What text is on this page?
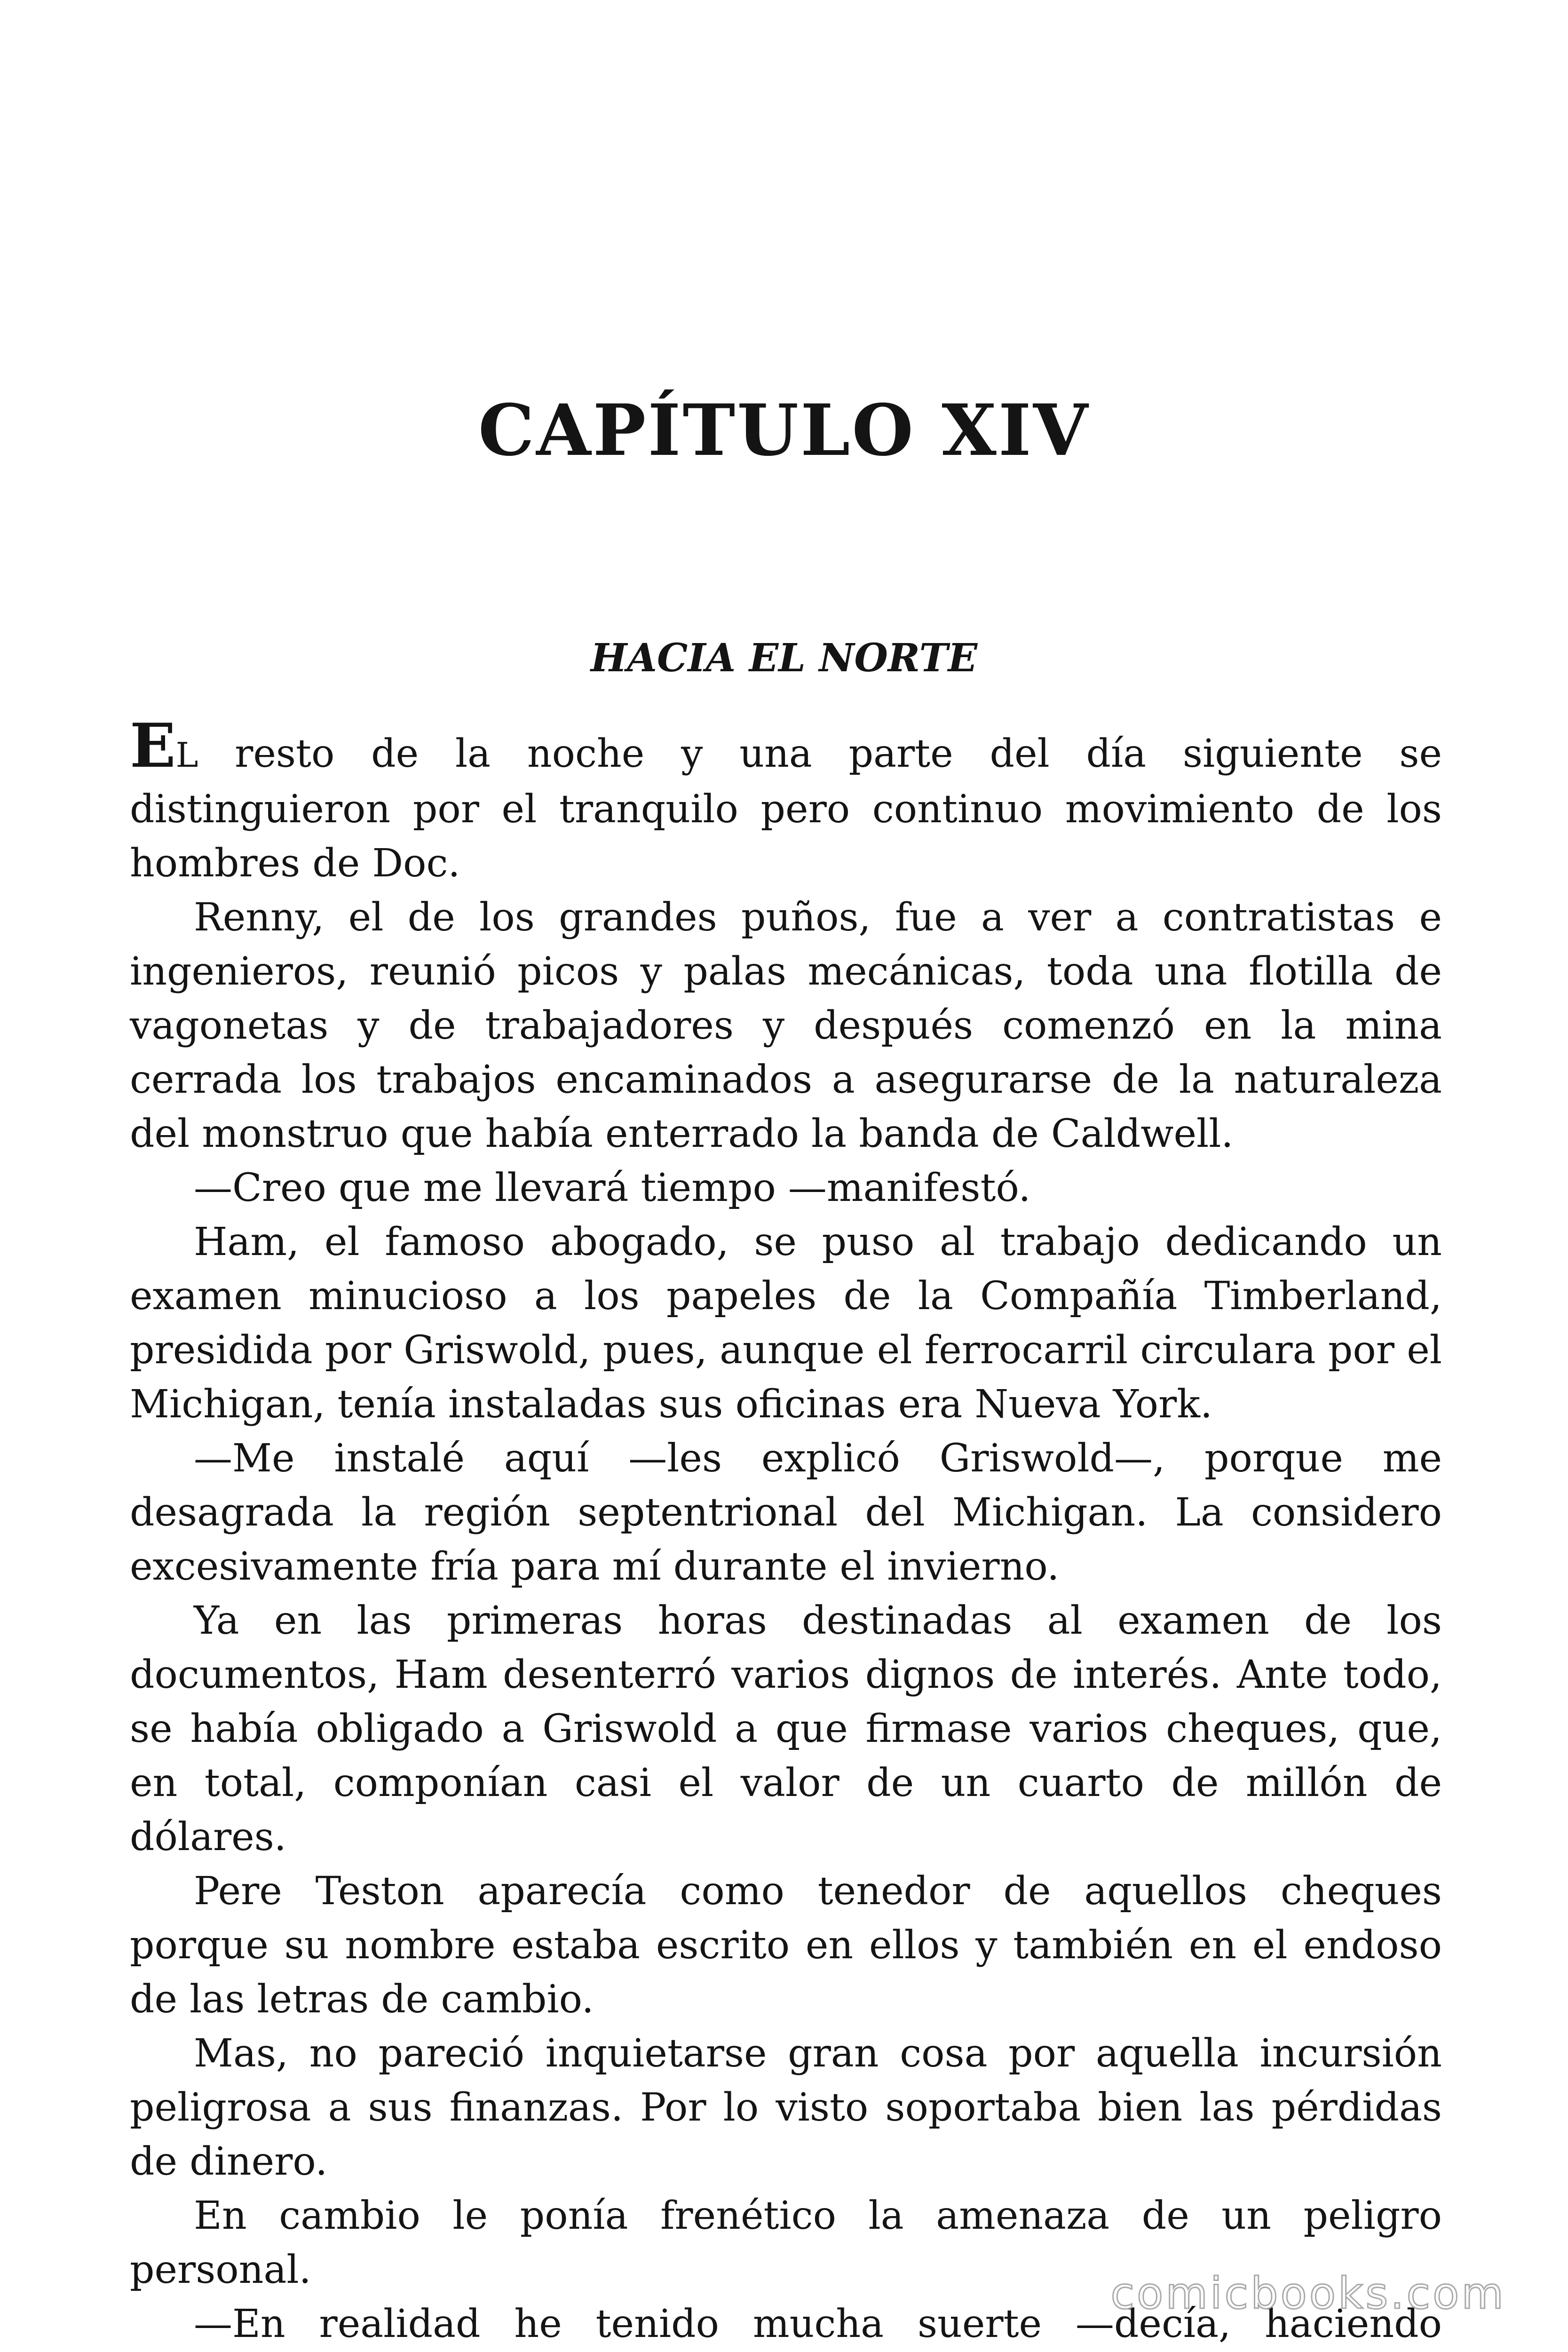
CAPÍTULO XIV
HACIA EL NORTE

EL resto de la noche y una parte del día siguiente se distinguieron por el tranquilo pero continuo movimiento de los hombres de Doc.

Renny, el de los grandes puños, fue a ver a contratistas e ingenieros, reunió picos y palas mecánicas, toda una flotilla de vagonetas y de trabajadores y después comenzó en la mina cerrada los trabajos encaminados a asegurarse de la naturaleza del monstruo que había enterrado la banda de Caldwell.

—Creo que me llevará tiempo —manifestó.

Ham, el famoso abogado, se puso al trabajo dedicando un examen minucioso a los papeles de la Compañía Timberland, presidida por Griswold, pues, aunque el ferrocarril circulara por el Michigan, tenía instaladas sus oficinas era Nueva York.

—Me instalé aquí —les explicó Griswold—, porque me desagrada la región septentrional del Michigan. La considero excesivamente fría para mí durante el invierno.

Ya en las primeras horas destinadas al examen de los documentos, Ham desenterró varios dignos de interés. Ante todo, se había obligado a Griswold a que firmase varios cheques, que, en total, componían casi el valor de un cuarto de millón de dólares.

Pere Teston aparecía como tenedor de aquellos cheques porque su nombre estaba escrito en ellos y también en el endoso de las letras de cambio.

Mas, no pareció inquietarse gran cosa por aquella incursión peligrosa a sus finanzas. Por lo visto soportaba bien las pérdidas de dinero.

En cambio le ponía frenético la amenaza de un peligro personal.

—En realidad he tenido mucha suerte —decía, haciendo

comicbooks.com
